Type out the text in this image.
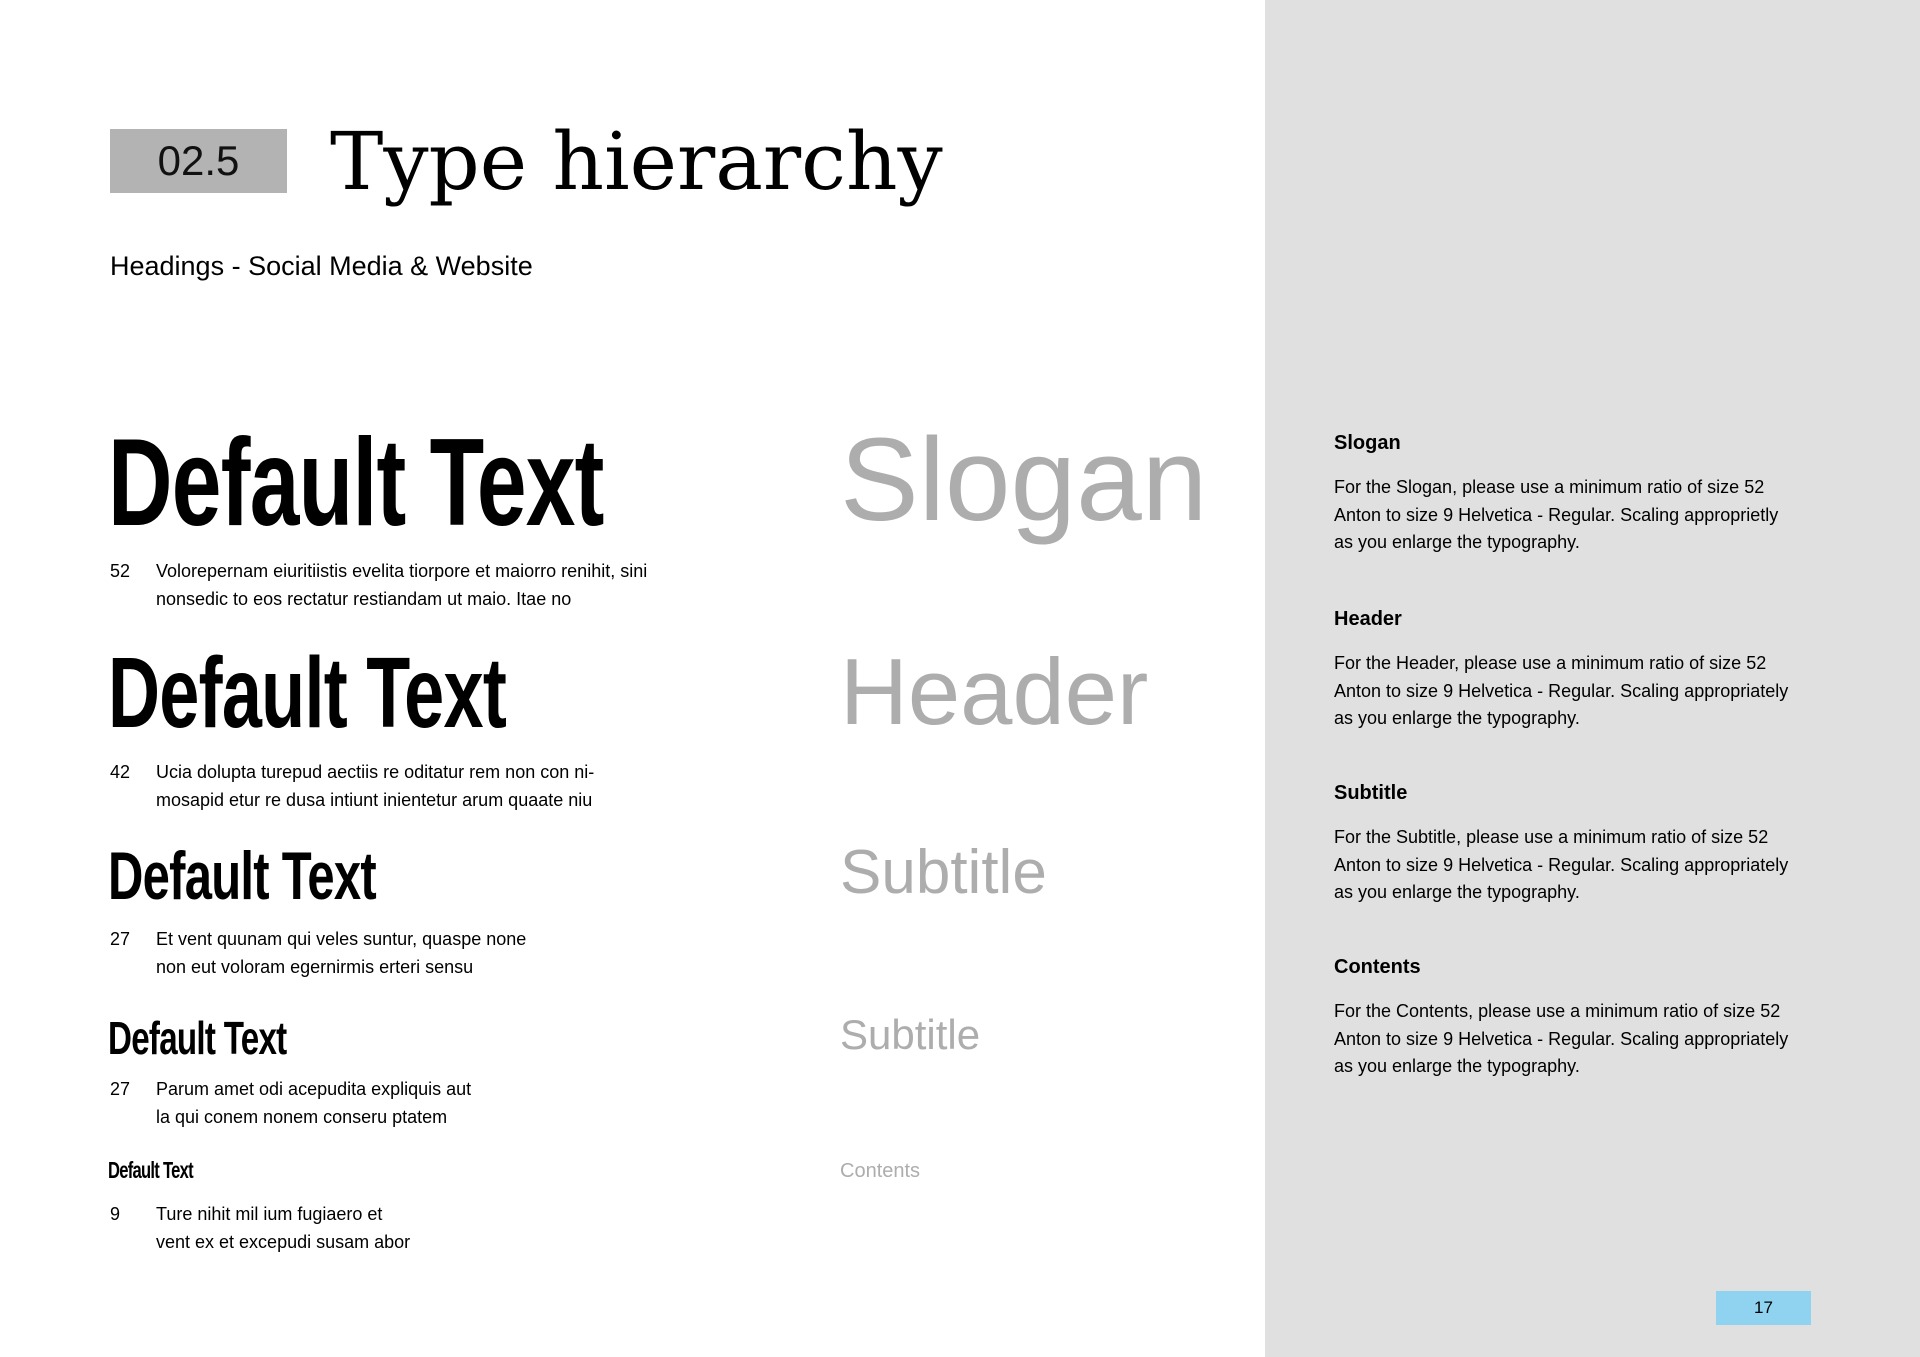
02.5	Type hierarchy
Headings - Social Media & Website
Default Text
52 Volorepernam eiuritiistis evelita tiorpore et maiorro renihit, sini
nonsedic to eos rectatur restiandam ut maio. Itae no
Default Text
42 Ucia dolupta turepud aectiis re oditatur rem non con ni-
mosapid etur re dusa intiunt inientetur arum quaate niu
Default Text
27 Et vent quunam qui veles suntur, quaspe none
non eut voloram egernirmis erteri sensu
Default Text
27 Parum amet odi acepudita expliquis aut
la qui conem nonem conseru ptatem
Default Text
9 Ture nihit mil ium fugiaero et
vent ex et excepudi susam abor
Slogan
Header
Subtitle
Subtitle
Contents
Slogan
For the Slogan, please use a minimum ratio of size 52
Anton to size 9 Helvetica - Regular. Scaling approprietly
as you enlarge the typography.
Header
For the Header, please use a minimum ratio of size 52
Anton to size 9 Helvetica - Regular. Scaling appropriately
as you enlarge the typography.
Subtitle
For the Subtitle, please use a minimum ratio of size 52
Anton to size 9 Helvetica - Regular. Scaling appropriately
as you enlarge the typography.
Contents
For the Contents, please use a minimum ratio of size 52
Anton to size 9 Helvetica - Regular. Scaling appropriately
as you enlarge the typography.
17
